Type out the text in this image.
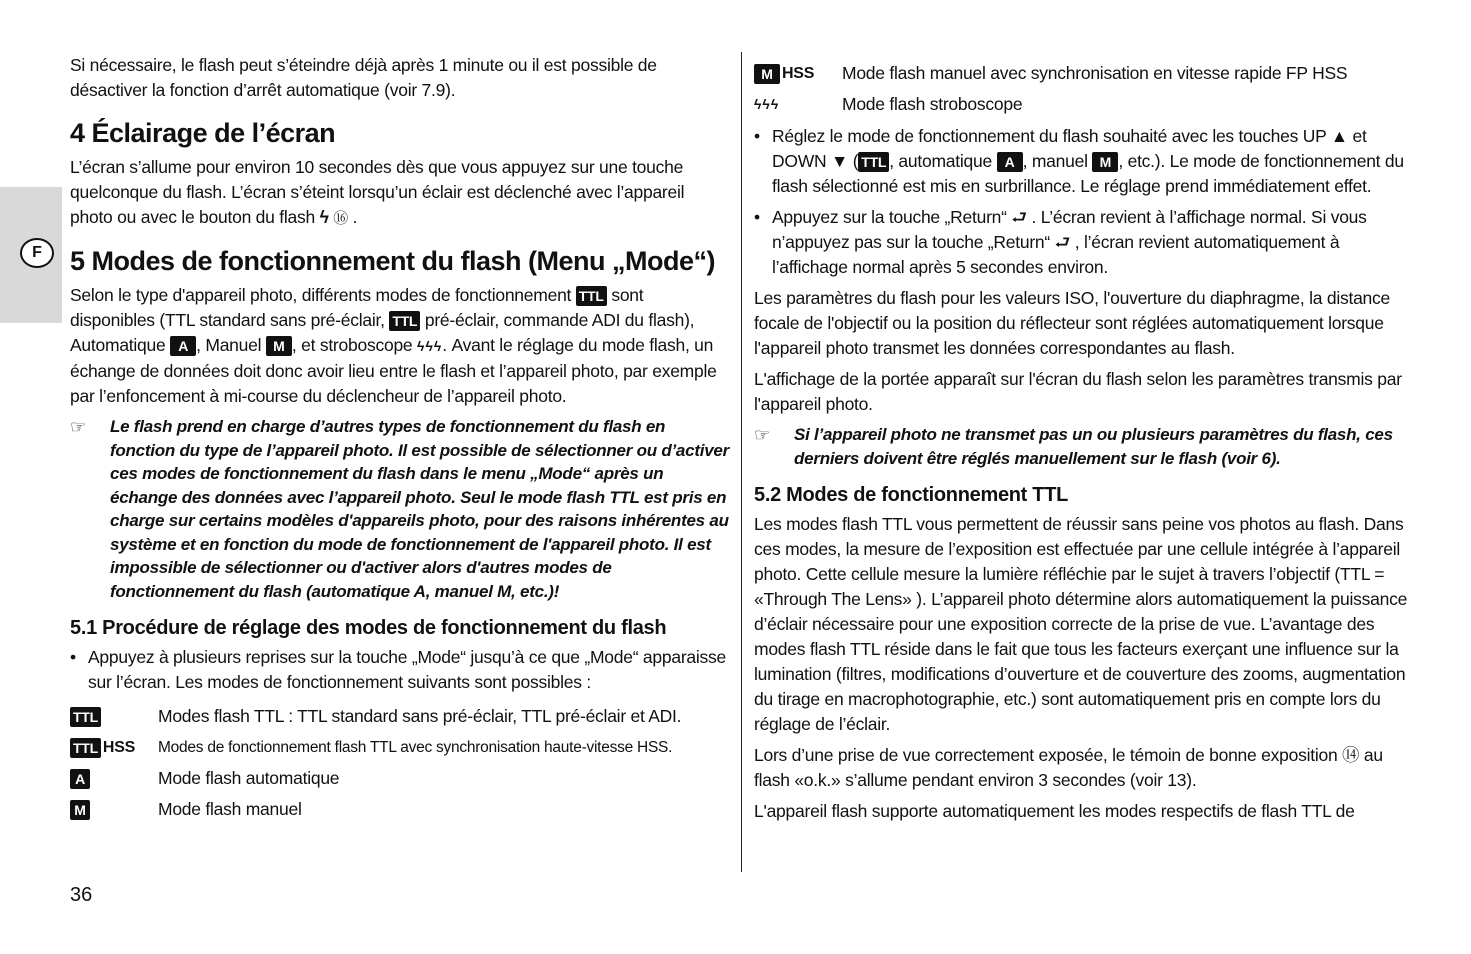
F

Si nécessaire, le flash peut s’éteindre déjà après 1 minute ou il est possible de désactiver la fonction d’arrêt automatique (voir 7.9).

4 Éclairage de l’écran

L’écran s’allume pour environ 10 secondes dès que vous appuyez sur une touche quelconque du flash. L’écran s’éteint lorsqu’un éclair est déclenché avec l’appareil photo ou avec le bouton du flash ϟ ⑯ .

5 Modes de fonctionnement du flash (Menu „Mode“)

Selon le type d'appareil photo, différents modes de fonctionnement TTL sont disponibles (TTL standard sans pré-éclair, TTL pré-éclair, commande ADI du flash), Automatique A , Manuel M , et stroboscope ϟϟϟ. Avant le réglage du mode flash, un échange de données doit donc avoir lieu entre le flash et l’appareil photo, par exemple par l’enfoncement à mi-course du déclencheur de l’appareil photo.

☞	Le flash prend en charge d’autres types de fonctionnement du flash en fonction du type de l’appareil photo. Il est possible de sélectionner ou d’activer ces modes de fonctionnement du flash dans le menu „Mode“ après un échange des données avec l’appareil photo. Seul le mode flash TTL est pris en charge sur certains modèles d'appareils photo, pour des raisons inhérentes au système et en fonction du mode de fonctionnement de l'appareil photo. Il est impossible de sélectionner ou d'activer alors d'autres modes de fonctionnement du flash (automatique A, manuel M, etc.)!
5.1 Procédure de réglage des modes de fonctionnement du flash
• Appuyez à plusieurs reprises sur la touche „Mode“ jusqu’à ce que „Mode“ apparaisse sur l’écran. Les modes de fonctionnement suivants sont possibles :
TTL	Modes flash TTL : TTL standard sans pré-éclair, TTL pré-éclair et ADI.
TTL HSS Modes de fonctionnement flash TTL avec synchronisation haute-vitesse HSS.
A	Mode flash automatique
M	Mode flash manuel
36
M HSS Mode flash manuel avec synchronisation en vitesse rapide FP HSS
ϟϟϟ	Mode flash stroboscope
• Réglez le mode de fonctionnement du flash souhaité avec les touches UP ▲ et DOWN ▼ ( TTL , automatique A , manuel M , etc.). Le mode de fonctionnement du flash sélectionné est mis en surbrillance. Le réglage prend immédiatement effet.
• Appuyez sur la touche „Return“ ⮐ . L’écran revient à l’affichage normal. Si vous n’appuyez pas sur la touche „Return“ ⮐ , l’écran revient automatiquement à l’affichage normal après 5 secondes environ.

Les paramètres du flash pour les valeurs ISO, l'ouverture du diaphragme, la distance focale de l'objectif ou la position du réflecteur sont réglées automatiquement lorsque l'appareil photo transmet les données correspondantes au flash.

L'affichage de la portée apparaît sur l'écran du flash selon les paramètres transmis par l'appareil photo.

☞	Si l’appareil photo ne transmet pas un ou plusieurs paramètres du flash, ces derniers doivent être réglés manuellement sur le flash (voir 6).
5.2 Modes de fonctionnement TTL

Les modes flash TTL vous permettent de réussir sans peine vos photos au flash. Dans ces modes, la mesure de l’exposition est effectuée par une cellule intégrée à l’appareil photo. Cette cellule mesure la lumière réfléchie par le sujet à travers l’objectif (TTL = «Through The Lens» ). L’appareil photo détermine alors automatiquement la puissance d’éclair nécessaire pour une exposition correcte de la prise de vue. L’avantage des modes flash TTL réside dans le fait que tous les facteurs exerçant une influence sur la lumination (filtres, modifications d’ouverture et de couverture des zooms, augmentation du tirage en macrophotographie, etc.) sont automatiquement pris en compte lors du réglage de l’éclair.

Lors d’une prise de vue correctement exposée, le témoin de bonne exposition ⑭ au flash «o.k.» s’allume pendant environ 3 secondes (voir 13).

L'appareil flash supporte automatiquement les modes respectifs de flash TTL de
